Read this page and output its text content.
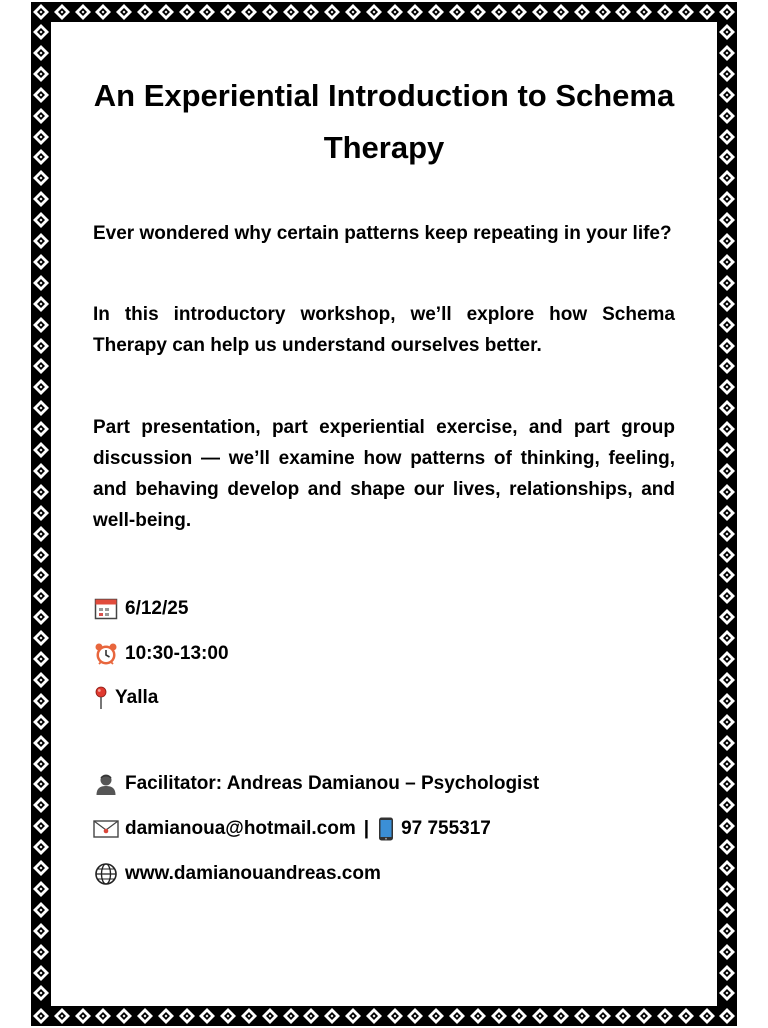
An Experiential Introduction to Schema Therapy

Ever wondered why certain patterns keep repeating in your life?

In this introductory workshop, we’ll explore how Schema Therapy can help us understand ourselves better.

Part presentation, part experiential exercise, and part group discussion — we’ll examine how patterns of thinking, feeling, and behaving develop and shape our lives, relationships, and well-being.

6/12/25
10:30-13:00
Yalla
Facilitator: Andreas Damianou – Psychologist
damianoua@hotmail.com | 97 755317
www.damianouandreas.com
